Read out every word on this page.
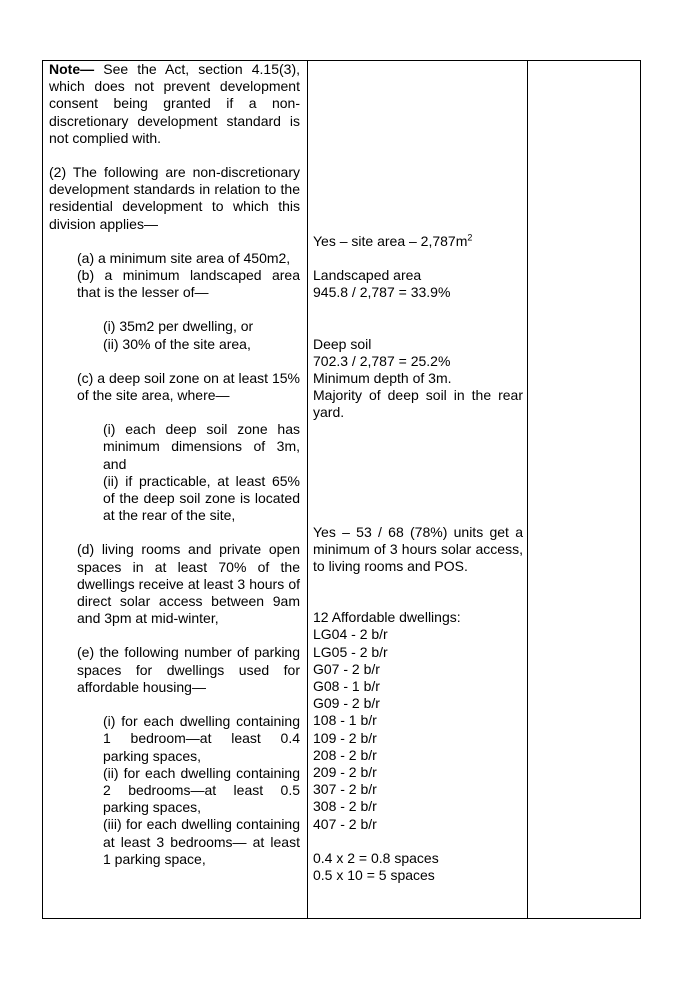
Note— See the Act, section 4.15(3), which does not prevent development consent being granted if a non-discretionary development standard is not complied with.

(2) The following are non-discretionary development standards in relation to the residential development to which this division applies—

(a) a minimum site area of 450m2,

(b) a minimum landscaped area that is the lesser of—

(i) 35m2 per dwelling, or

(ii) 30% of the site area,

(c) a deep soil zone on at least 15% of the site area, where—

(i) each deep soil zone has minimum dimensions of 3m, and

(ii) if practicable, at least 65% of the deep soil zone is located at the rear of the site,

(d) living rooms and private open spaces in at least 70% of the dwellings receive at least 3 hours of direct solar access between 9am and 3pm at mid-winter,

(e) the following number of parking spaces for dwellings used for affordable housing—

(i) for each dwelling containing 1 bedroom—at least 0.4 parking spaces,

(ii) for each dwelling containing 2 bedrooms—at least 0.5 parking spaces,

(iii) for each dwelling containing at least 3 bedrooms— at least 1 parking space,

Yes – site area – $2,787m^2$

Landscaped area

945.8 / 2,787 = 33.9%

Deep soil

702.3 / 2,787 = 25.2%

Minimum depth of 3m.

Majority of deep soil in the rear yard.

Yes – 53 / 68 (78%) units get a minimum of 3 hours solar access, to living rooms and POS.

12 Affordable dwellings:

LG04 - 2 b/r

LG05 - 2 b/r

G07 - 2 b/r

G08 - 1 b/r

G09 - 2 b/r

108 - 1 b/r

109 - 2 b/r

208 - 2 b/r

209 - 2 b/r

307 - 2 b/r

308 - 2 b/r

407 - 2 b/r

0.4 x 2 = 0.8 spaces

0.5 x 10 = 5 spaces
